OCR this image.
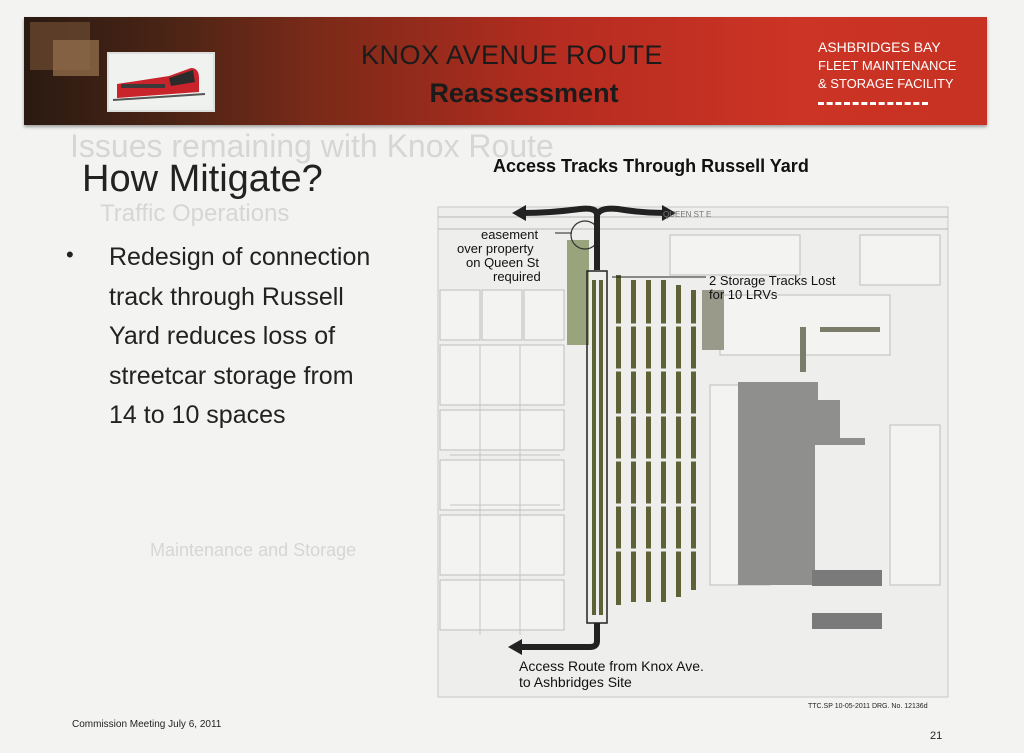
Issues remaining with Knox Route
Traffic Operations
Maintenance and Storage
KNOX AVENUE ROUTE
Reassessment
ASHBRIDGES BAY
FLEET MAINTENANCE
& STORAGE FACILITY
How Mitigate?
• Redesign of connection
track through Russell
Yard reduces loss of
streetcar storage from
14 to 10 spaces
Access Tracks Through Russell Yard
QUEEN ST E
easement
over property
on Queen St
required	2 Storage Tracks Lost
for 10 LRVs
Access Route from Knox Ave.
to Ashbridges Site
Commission Meeting July 6, 2011
TTC.SP 10-05-2011 DRG. No. 12136d
21
